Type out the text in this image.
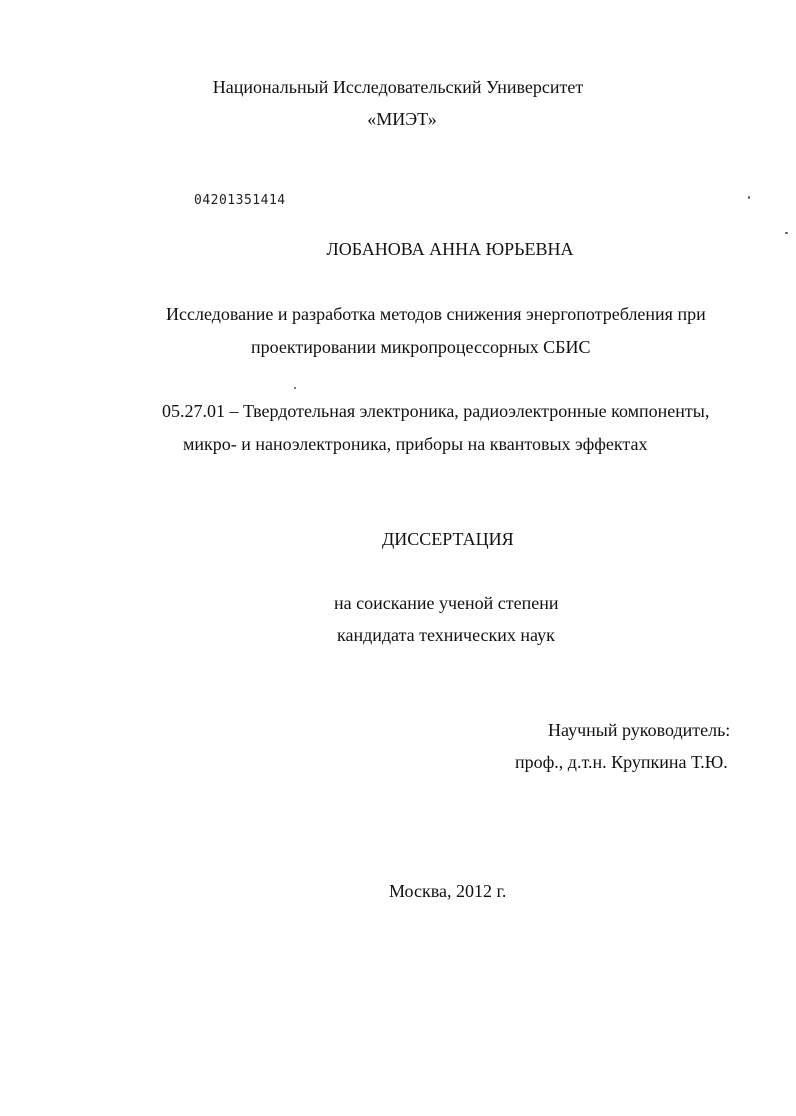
Национальный Исследовательский Университет

«МИЭТ»

04201351414

ЛОБАНОВА АННА ЮРЬЕВНА

Исследование и разработка методов снижения энергопотребления при

проектировании микропроцессорных СБИС

05.27.01 – Твердотельная электроника, радиоэлектронные компоненты,

микро- и наноэлектроника, приборы на квантовых эффектах

ДИССЕРТАЦИЯ

на соискание ученой степени

кандидата технических наук

Научный руководитель:

проф., д.т.н. Крупкина Т.Ю.

Москва, 2012 г.
